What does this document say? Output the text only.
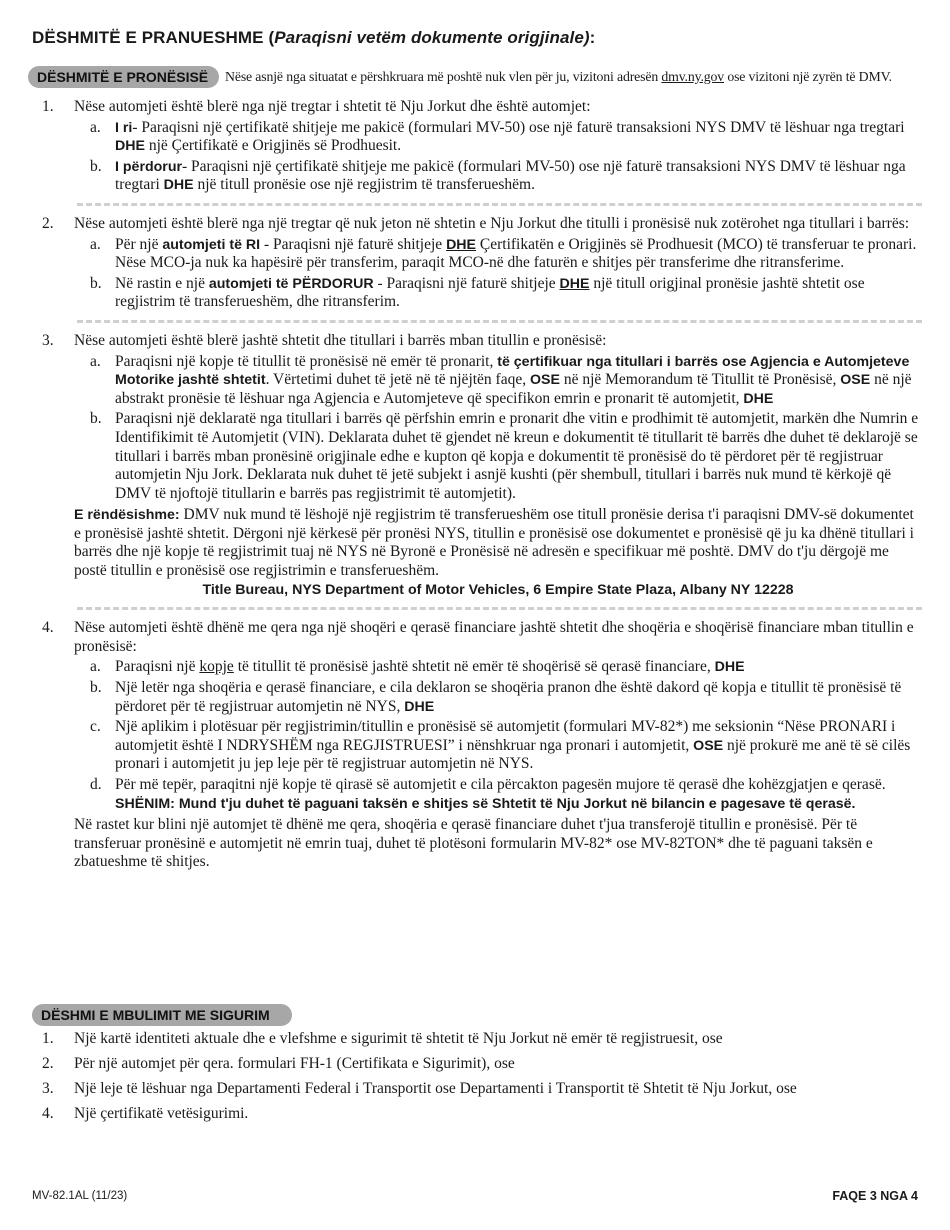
DËSHMITË E PRANUESHME (Paraqisni vetëm dokumente origjinale):
DËSHMITË E PRONËSISË Nëse asnjë nga situatat e përshkruara më poshtë nuk vlen për ju, vizitoni adresën dmv.ny.gov ose vizitoni një zyrën të DMV.
1. Nëse automjeti është blerë nga një tregtar i shtetit të Nju Jorkut dhe është automjet:
a. I ri- Paraqisni një çertifikatë shitjeje me pakicë (formulari MV-50) ose një faturë transaksioni NYS DMV të lëshuar nga tregtari DHE një Çertifikatë e Origjinës së Prodhuesit.
b. I përdorur- Paraqisni një çertifikatë shitjeje me pakicë (formulari MV-50) ose një faturë transaksioni NYS DMV të lëshuar nga tregtari DHE një titull pronësie ose një regjistrim të transferueshëm.
2. Nëse automjeti është blerë nga një tregtar që nuk jeton në shtetin e Nju Jorkut dhe titulli i pronësisë nuk zotërohet nga titullari i barrës:
a. Për një automjeti të RI - Paraqisni një faturë shitjeje DHE Çertifikatën e Origjinës së Prodhuesit (MCO) të transferuar te pronari. Nëse MCO-ja nuk ka hapësirë për transferim, paraqit MCO-në dhe faturën e shitjes për transferime dhe ritransferime.
b. Në rastin e një automjeti të PËRDORUR - Paraqisni një faturë shitjeje DHE një titull origjinal pronësie jashtë shtetit ose regjistrim të transferueshëm, dhe ritransferim.
3. Nëse automjeti është blerë jashtë shtetit dhe titullari i barrës mban titullin e pronësisë:
a. Paraqisni një kopje të titullit të pronësisë në emër të pronarit, të çertifikuar nga titullari i barrës ose Agjencia e Automjeteve Motorike jashtë shtetit. Vërtetimi duhet të jetë në të njëjtën faqe, OSE në një Memorandum të Titullit të Pronësisë, OSE në një abstrakt pronësie të lëshuar nga Agjencia e Automjeteve që specifikon emrin e pronarit të automjetit, DHE
b. Paraqisni një deklaratë nga titullari i barrës që përfshin emrin e pronarit dhe vitin e prodhimit të automjetit, markën dhe Numrin e Identifikimit të Automjetit (VIN). Deklarata duhet të gjendet në kreun e dokumentit të titullarit të barrës dhe duhet të deklarojë se titullari i barrës mban pronësinë origjinale edhe e kupton që kopja e dokumentit të pronësisë do të përdoret për të regjistruar automjetin Nju Jork. Deklarata nuk duhet të jetë subjekt i asnjë kushti (për shembull, titullari i barrës nuk mund të kërkojë që DMV të njoftojë titullarin e barrës pas regjistrimit të automjetit).
E rëndësishme: DMV nuk mund të lëshojë një regjistrim të transferueshëm ose titull pronësie derisa t'i paraqisni DMV-së dokumentet e pronësisë jashtë shtetit. Dërgoni një kërkesë për pronësi NYS, titullin e pronësisë ose dokumentet e pronësisë që ju ka dhënë titullari i barrës dhe një kopje të regjistrimit tuaj në NYS në Byronë e Pronësisë në adresën e specifikuar më poshtë. DMV do t'ju dërgojë me postë titullin e pronësisë ose regjistrimin e transferueshëm.
Title Bureau, NYS Department of Motor Vehicles, 6 Empire State Plaza, Albany NY 12228
4. Nëse automjeti është dhënë me qera nga një shoqëri e qerasë financiare jashtë shtetit dhe shoqëria e shoqërisë financiare mban titullin e pronësisë:
a. Paraqisni një kopje të titullit të pronësisë jashtë shtetit në emër të shoqërisë së qerasë financiare, DHE
b. Një letër nga shoqëria e qerasë financiare, e cila deklaron se shoqëria pranon dhe është dakord që kopja e titullit të pronësisë të përdoret për të regjistruar automjetin në NYS, DHE
c. Një aplikim i plotësuar për regjistrimin/titullin e pronësisë së automjetit (formulari MV-82*) me seksionin “Nëse PRONARI i automjetit është I NDRYSHËM nga REGJISTRUESI” i nënshkruar nga pronari i automjetit, OSE një prokurë me anë të së cilës pronari i automjetit ju jep leje për të regjistruar automjetin në NYS.
d. Për më tepër, paraqitni një kopje të qirasë së automjetit e cila përcakton pagesën mujore të qerasë dhe kohëzgjatjen e qerasë. SHËNIM: Mund t'ju duhet të paguani taksën e shitjes së Shtetit të Nju Jorkut në bilancin e pagesave të qerasë.
Në rastet kur blini një automjet të dhënë me qera, shoqëria e qerasë financiare duhet t'jua transferojë titullin e pronësisë. Për të transferuar pronësinë e automjetit në emrin tuaj, duhet të plotësoni formularin MV-82* ose MV-82TON* dhe të paguani taksën e zbatueshme të shitjes.
DËSHMI E MBULIMIT ME SIGURIM
1. Një kartë identiteti aktuale dhe e vlefshme e sigurimit të shtetit të Nju Jorkut në emër të regjistruesit, ose
2. Për një automjet për qera. formulari FH-1 (Certifikata e Sigurimit), ose
3. Një leje të lëshuar nga Departamenti Federal i Transportit ose Departamenti i Transportit të Shtetit të Nju Jorkut, ose
4. Një çertifikatë vetësigurimi.
MV-82.1AL (11/23)	FAQE 3 NGA 4
